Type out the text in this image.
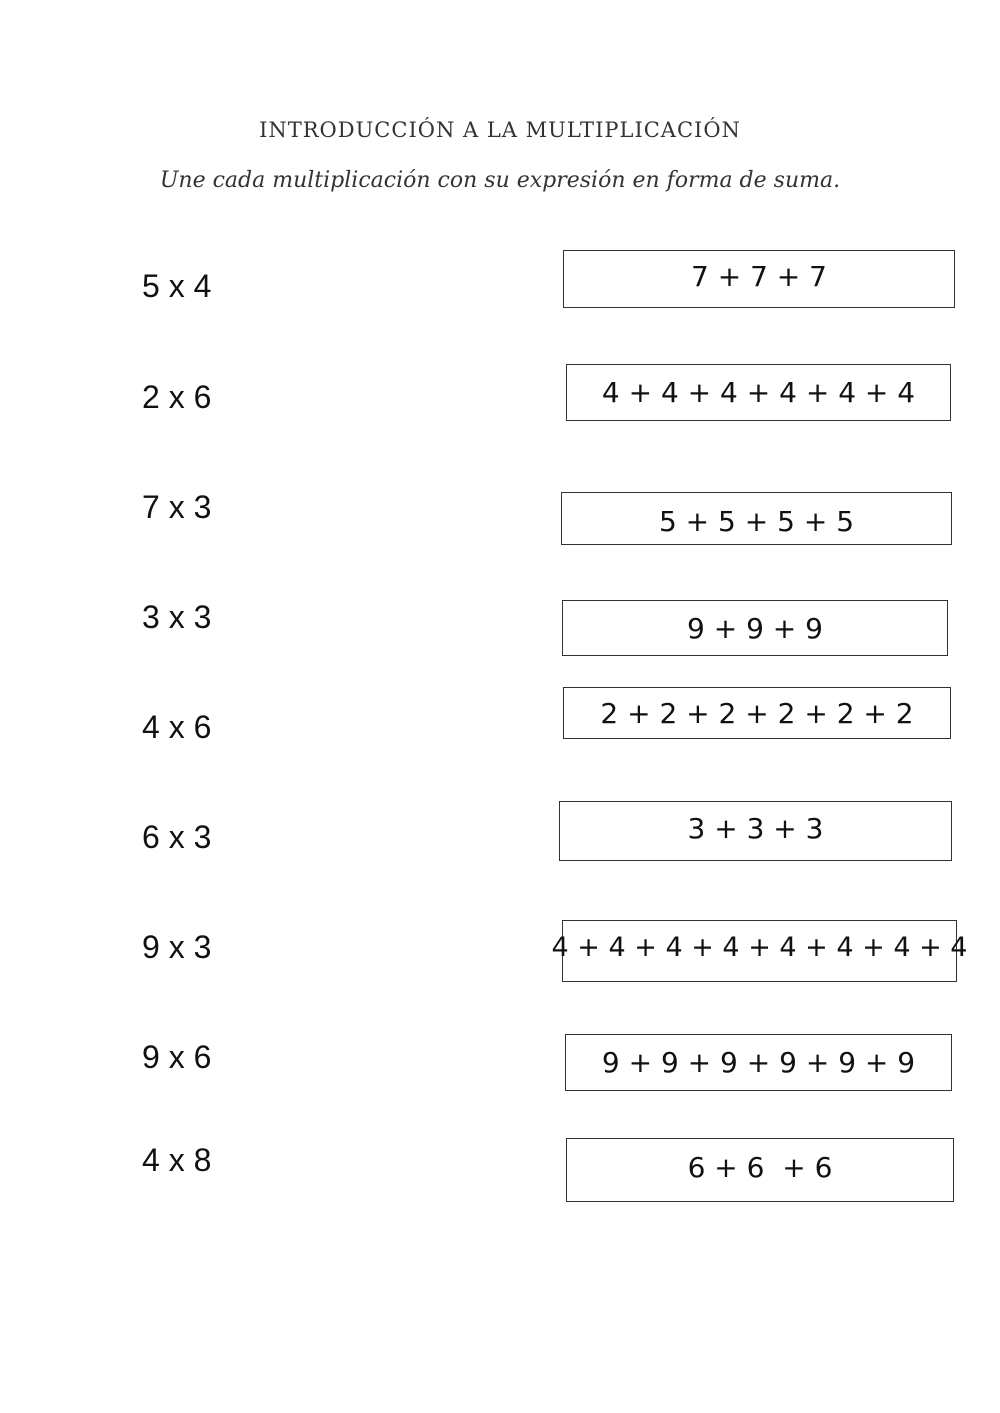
INTRODUCCIÓN A LA MULTIPLICACIÓN

Une cada multiplicación con su expresión en forma de suma.

5 x 4
2 x 6
7 x 3
3 x 3
4 x 6
6 x 3
9 x 3
9 x 6
4 x 8
7 + 7 + 7
4 + 4 + 4 + 4 + 4 + 4
5 + 5 + 5 + 5
9 + 9 + 9
2 + 2 + 2 + 2 + 2 + 2
3 + 3 + 3
4 + 4 + 4 + 4 + 4 + 4 + 4 + 4
9 + 9 + 9 + 9 + 9 + 9
6 + 6  + 6
